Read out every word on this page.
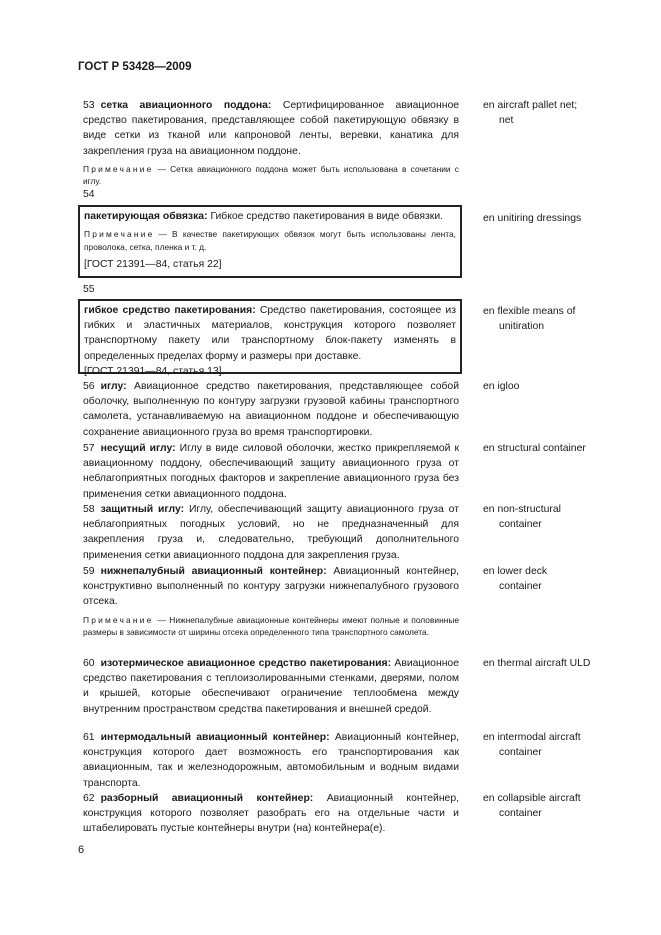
ГОСТ Р 53428—2009

53 сетка авиационного поддона: Сертифицированное авиационное средство пакетирования, представляющее собой пакетирующую обвязку в виде сетки из тканой или капроновой ленты, веревки, канатика для закрепления груза на авиационном поддоне.

Примечание — Сетка авиационного поддона может быть использована в сочетании с иглу.

en aircraft pallet net;
net
54

пакетирующая обвязка: Гибкое средство пакетирования в виде обвязки.

Примечание — В качестве пакетирующих обвязок могут быть использованы лента, проволока, сетка, пленка и т. д.

[ГОСТ 21391—84, статья 22]

en unitiring dressings
55

гибкое средство пакетирования: Средство пакетирования, состоящее из гибких и эластичных материалов, конструкция которого позволяет транспортному пакету или транспортному блок-пакету изменять в определенных пределах форму и размеры при доставке.

[ГОСТ 21391—84, статья 13]

en flexible means of
unitiration

56 иглу: Авиационное средство пакетирования, представляющее собой оболочку, выполненную по контуру загрузки грузовой кабины транспортного самолета, устанавливаемую на авиационном поддоне и обеспечивающую сохранение авиационного груза во время транспортировки.

en igloo

57 несущий иглу: Иглу в виде силовой оболочки, жестко прикрепляемой к авиационному поддону, обеспечивающий защиту авиационного груза от неблагоприятных погодных факторов и закрепление авиационного груза без применения сетки авиационного поддона.

en structural container

58 защитный иглу: Иглу, обеспечивающий защиту авиационного груза от неблагоприятных погодных условий, но не предназначенный для закрепления груза и, следовательно, требующий дополнительного применения сетки авиационного поддона для закрепления груза.

en non-structural
container

59 нижнепалубный авиационный контейнер: Авиационный контейнер, конструктивно выполненный по контуру загрузки нижнепалубного грузового отсека.

Примечание — Нижнепалубные авиационные контейнеры имеют полные и половинные размеры в зависимости от ширины отсека определенного типа транспортного самолета.

en lower deck
container

60 изотермическое авиационное средство пакетирования: Авиационное средство пакетирования с теплоизолированными стенками, дверями, полом и крышей, которые обеспечивают ограничение теплообмена между внутренним пространством средства пакетирования и внешней средой.

en thermal aircraft ULD

61 интермодальный авиационный контейнер: Авиационный контейнер, конструкция которого дает возможность его транспортирования как авиационным, так и железнодорожным, автомобильным и водным видами транспорта.

en intermodal aircraft
container

62 разборный авиационный контейнер: Авиационный контейнер, конструкция которого позволяет разобрать его на отдельные части и штабелировать пустые контейнеры внутри (на) контейнера(е).

en collapsible aircraft
container
6
